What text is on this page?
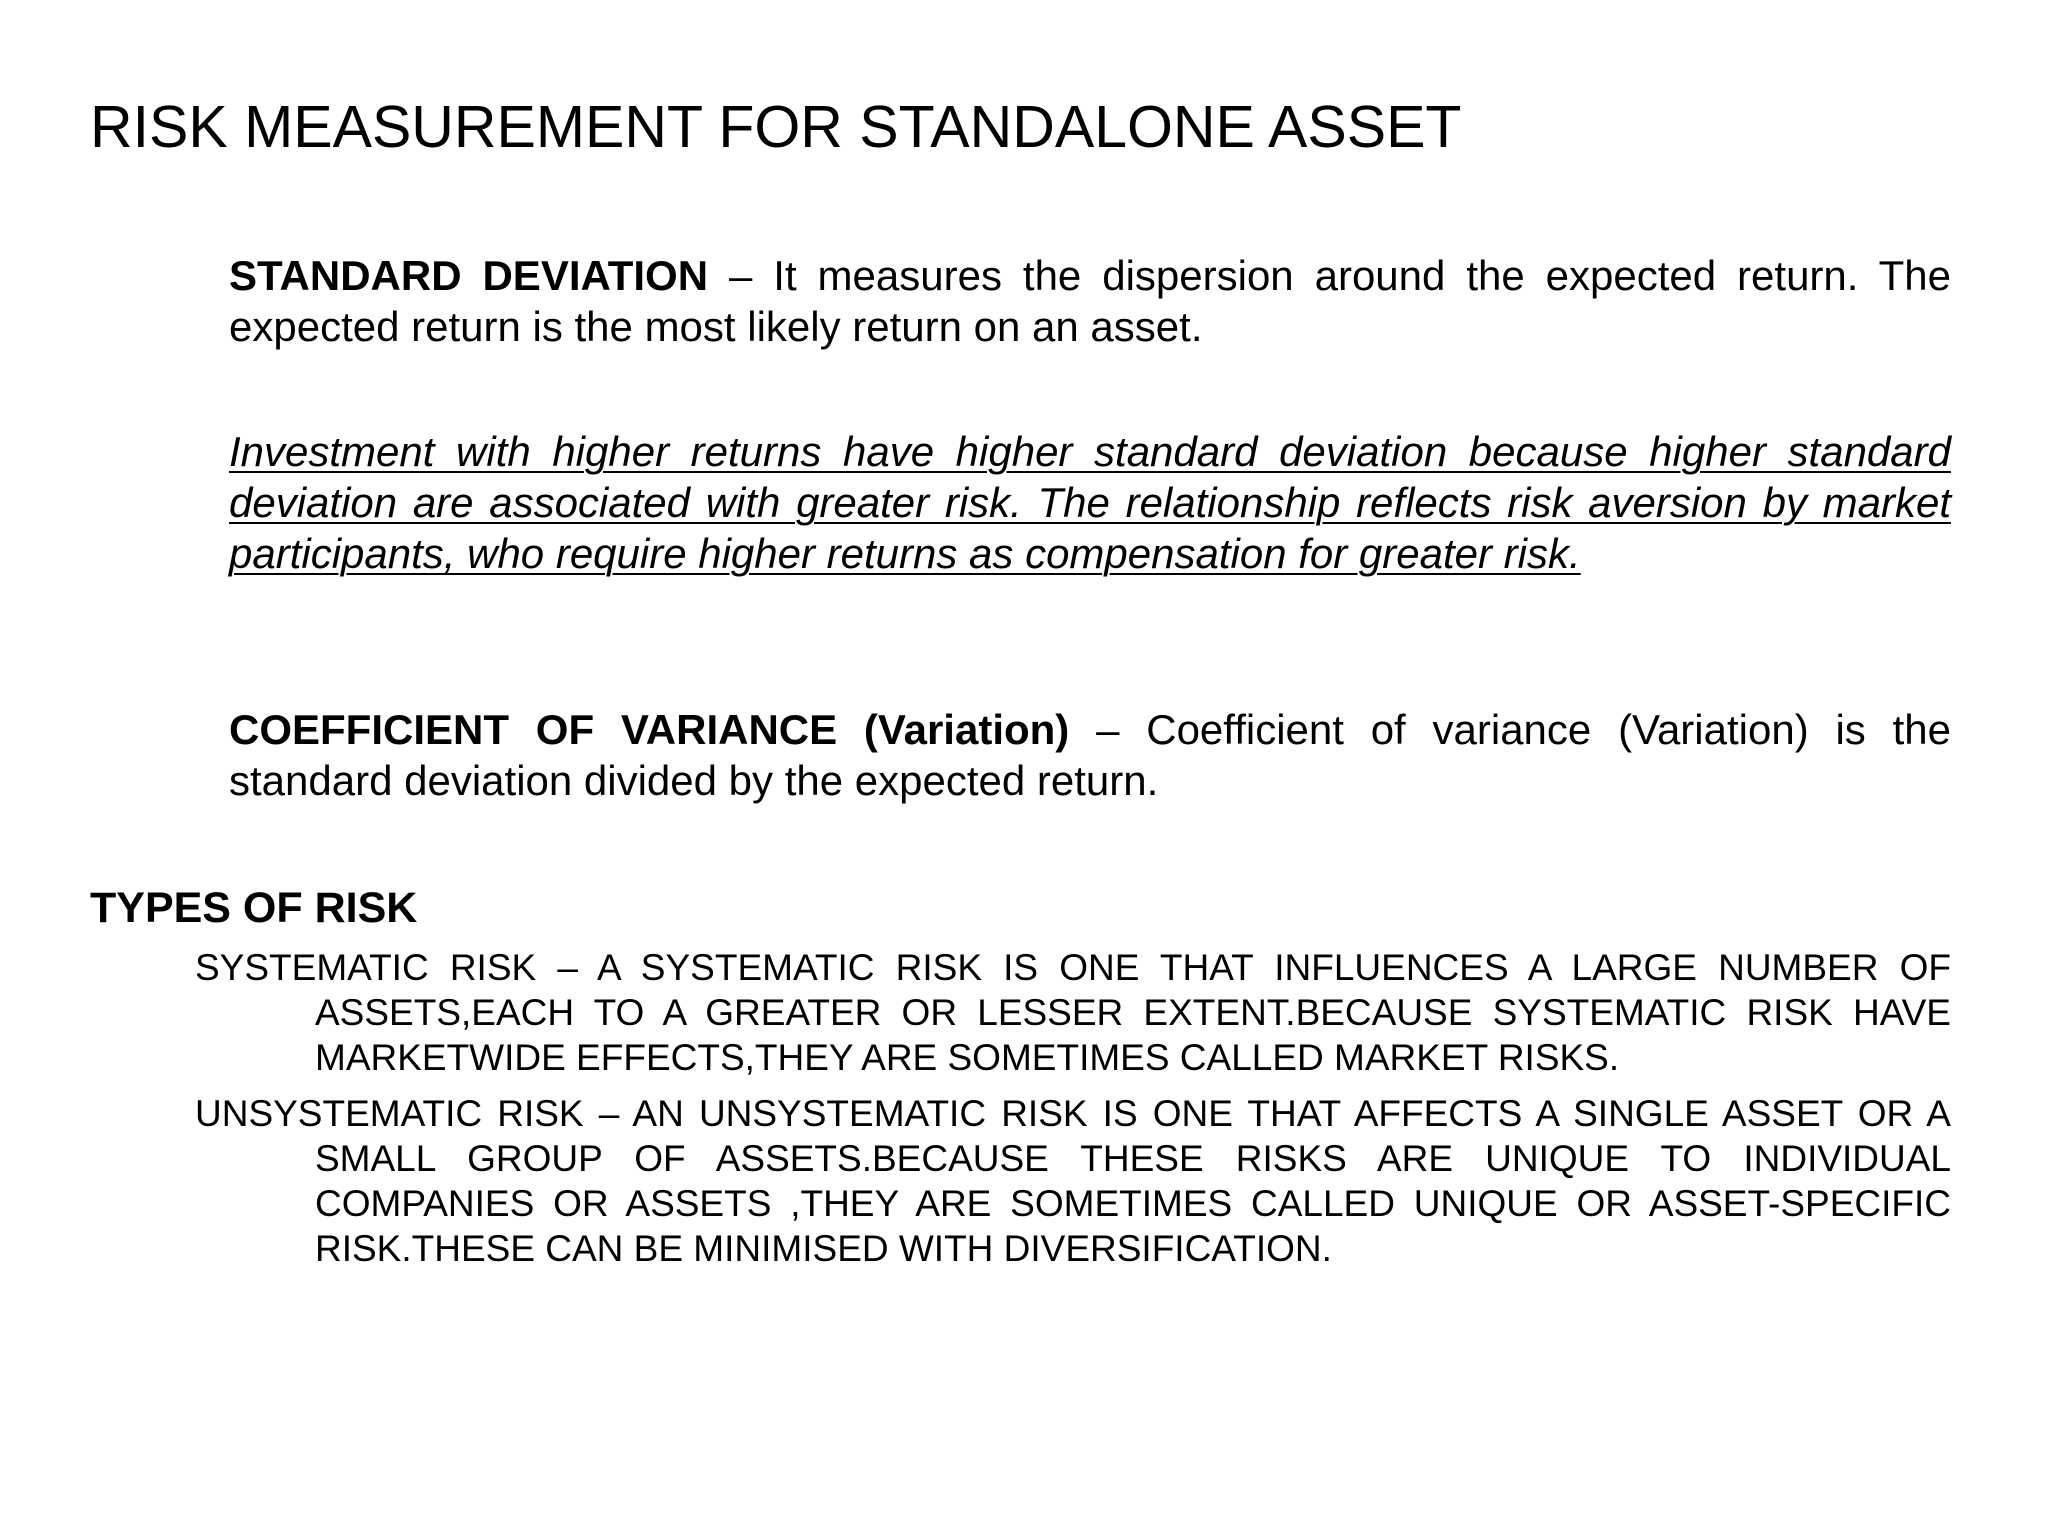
RISK MEASUREMENT FOR STANDALONE ASSET

STANDARD DEVIATION – It measures the dispersion around the expected return. The expected return is the most likely return on an asset.

Investment with higher returns have higher standard deviation because higher standard deviation are associated with greater risk. The relationship reflects risk aversion by market participants, who require higher returns as compensation for greater risk.

COEFFICIENT OF VARIANCE (Variation) – Coefficient of variance (Variation) is the standard deviation divided by the expected return.

TYPES OF RISK

SYSTEMATIC RISK – A SYSTEMATIC RISK IS ONE THAT INFLUENCES A LARGE NUMBER OF ASSETS,EACH TO A GREATER OR LESSER EXTENT.BECAUSE SYSTEMATIC RISK HAVE MARKETWIDE EFFECTS,THEY ARE SOMETIMES CALLED MARKET RISKS.

UNSYSTEMATIC RISK – AN UNSYSTEMATIC RISK IS ONE THAT AFFECTS A SINGLE ASSET OR A SMALL GROUP OF ASSETS.BECAUSE THESE RISKS ARE UNIQUE TO INDIVIDUAL COMPANIES OR ASSETS ,THEY ARE SOMETIMES CALLED UNIQUE OR ASSET-SPECIFIC RISK.THESE CAN BE MINIMISED WITH DIVERSIFICATION.
